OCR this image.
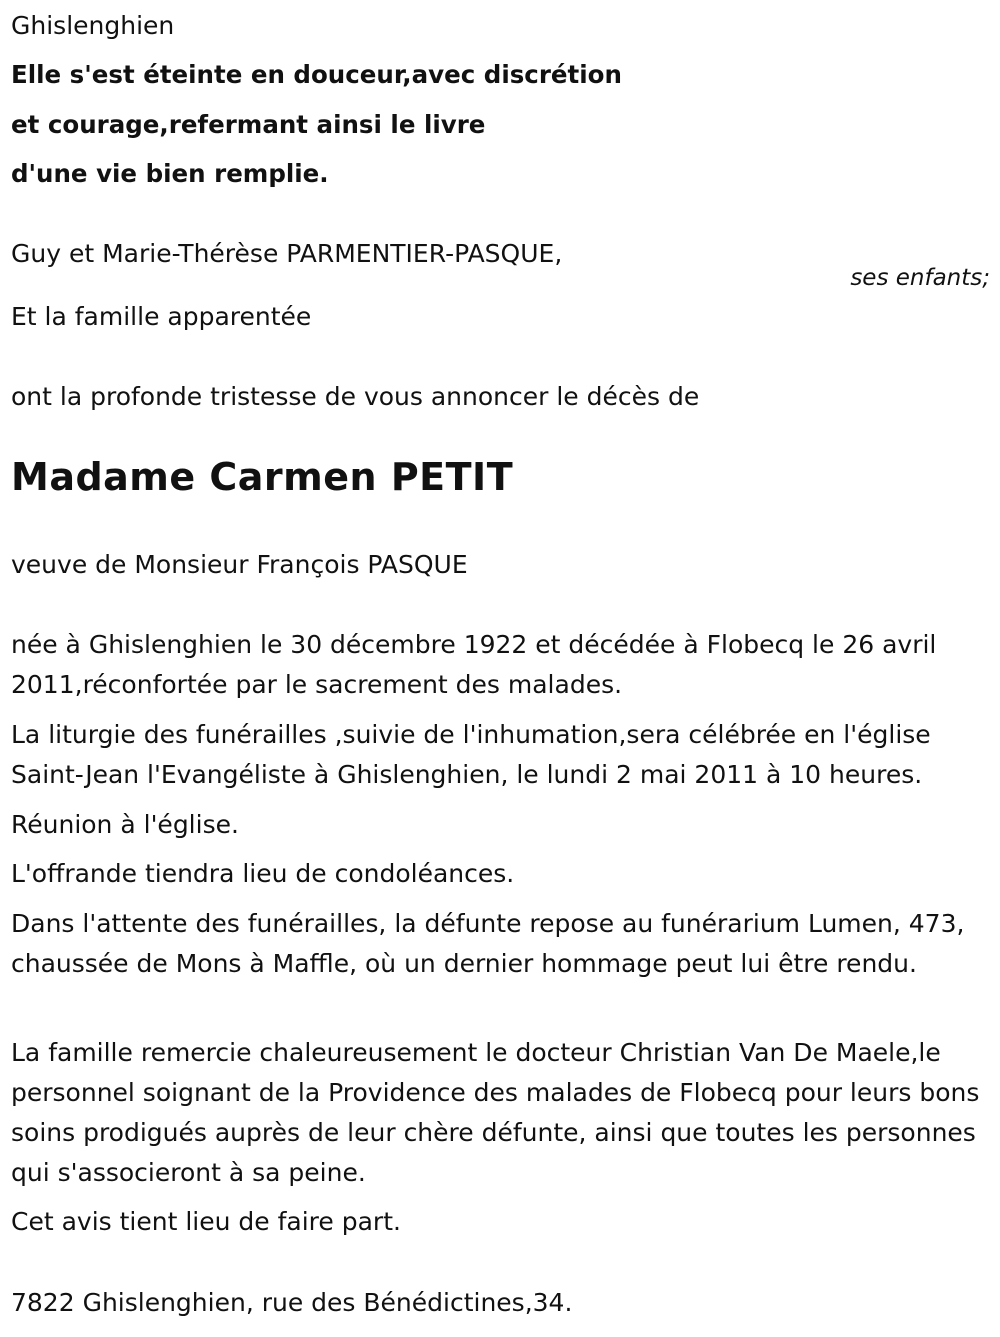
Ghislenghien

Elle s'est éteinte en douceur,avec discrétion

et courage,refermant ainsi le livre

d'une vie bien remplie.

Guy et Marie-Thérèse PARMENTIER-PASQUE,

ses enfants;

Et la famille apparentée

ont la profonde tristesse de vous annoncer le décès de

Madame Carmen PETIT

veuve de Monsieur François PASQUE

née à Ghislenghien le 30 décembre 1922 et décédée à Flobecq le 26 avril 2011,réconfortée par le sacrement des malades.

La liturgie des funérailles ,suivie de l'inhumation,sera célébrée en l'église Saint-Jean l'Evangéliste à Ghislenghien, le lundi 2 mai 2011 à 10 heures.

Réunion à l'église.

L'offrande tiendra lieu de condoléances.

Dans l'attente des funérailles, la défunte repose au funérarium Lumen, 473, chaussée de Mons à Maffle, où un dernier hommage peut lui être rendu.

La famille remercie chaleureusement le docteur Christian Van De Maele,le personnel soignant de la Providence des malades de Flobecq pour leurs bons soins prodigués auprès de leur chère défunte, ainsi que toutes les personnes qui s'associeront à sa peine.

Cet avis tient lieu de faire part.

7822 Ghislenghien, rue des Bénédictines,34.
